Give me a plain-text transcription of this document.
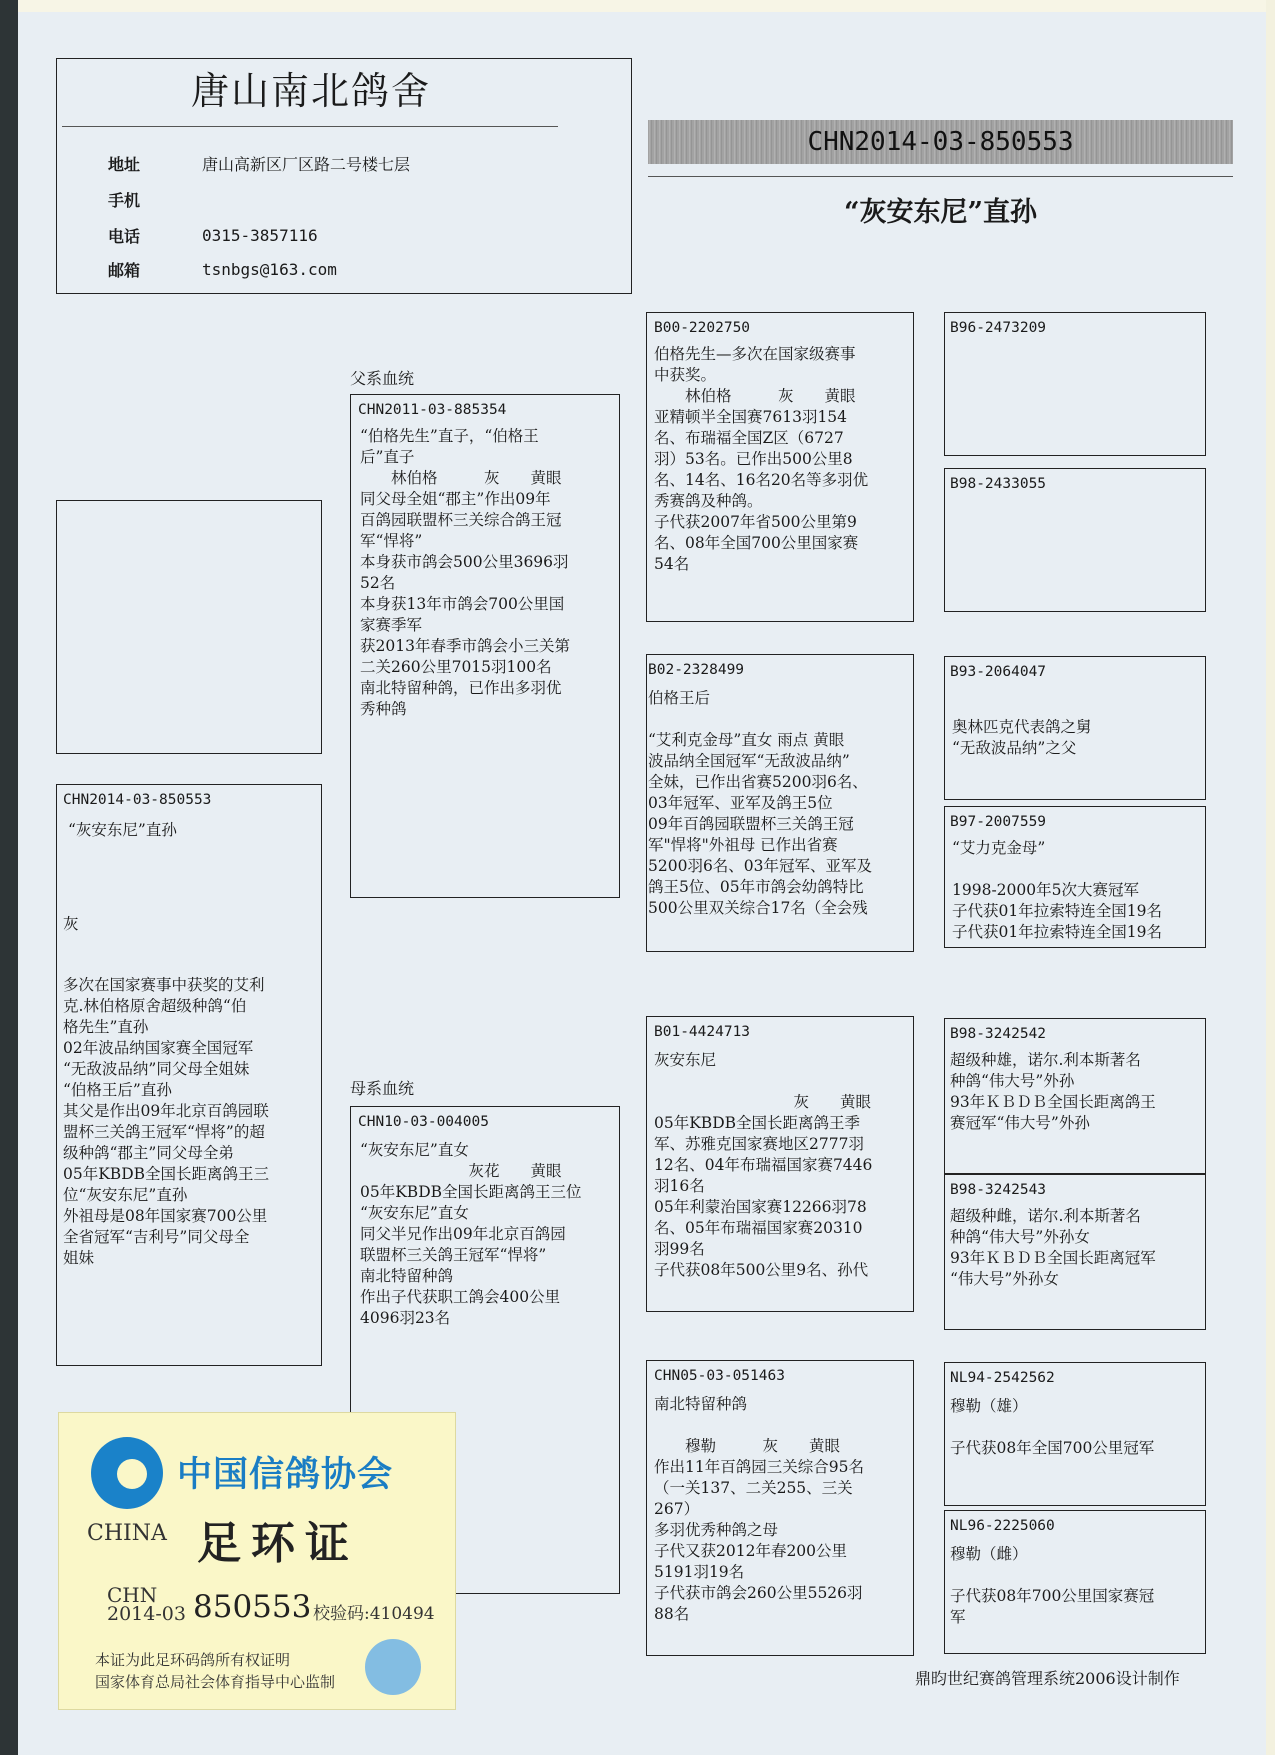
唐山南北鸽舍
地址	唐山高新区厂区路二号楼七层
手机
电话	0315-3857116
邮箱	tsnbgs@163.com
CHN2014-03-850553
“灰安东尼”直孙
CHN2014-03-850553
“灰安东尼”直孙
灰
多次在国家赛事中获奖的艾利
克.林伯格原舍超级种鸽“伯
格先生”直孙
02年波品纳国家赛全国冠军
“无敌波品纳”同父母全姐妹
“伯格王后”直孙
其父是作出09年北京百鸽园联
盟杯三关鸽王冠军“悍将”的超
级种鸽“郡主”同父母全弟
05年KBDB全国长距离鸽王三
位“灰安东尼”直孙
外祖母是08年国家赛700公里
全省冠军“吉利号”同父母全
姐妹
父系血统
母系血统
CHN2011-03-885354
“伯格先生”直子，“伯格王
后”直子
　　林伯格　　　灰　　黄眼
同父母全姐“郡主”作出09年
百鸽园联盟杯三关综合鸽王冠
军“悍将”
本身获市鸽会500公里3696羽
52名
本身获13年市鸽会700公里国
家赛季军
获2013年春季市鸽会小三关第
二关260公里7015羽100名
南北特留种鸽，已作出多羽优
秀种鸽
CHN10-03-004005
“灰安东尼”直女
　　　　　　　灰花　　黄眼
05年KBDB全国长距离鸽王三位
“灰安东尼”直女
同父半兄作出09年北京百鸽园
联盟杯三关鸽王冠军“悍将”
南北特留种鸽
作出子代获职工鸽会400公里
4096羽23名
B00-2202750
伯格先生—多次在国家级赛事
中获奖。
　　林伯格　　　灰　　黄眼
亚精顿半全国赛7613羽154
名、布瑞福全国Z区（6727
羽）53名。已作出500公里8
名、14名、16名20名等多羽优
秀赛鸽及种鸽。
子代获2007年省500公里第9
名、08年全国700公里国家赛
54名
B02-2328499
伯格王后

“艾利克金母”直女 雨点 黄眼
波品纳全国冠军“无敌波品纳”
全妹，已作出省赛5200羽6名、
03年冠军、亚军及鸽王5位
09年百鸽园联盟杯三关鸽王冠
军"悍将"外祖母 已作出省赛
5200羽6名、03年冠军、亚军及
鸽王5位、05年市鸽会幼鸽特比
500公里双关综合17名（全会残
B01-4424713
灰安东尼

　　　　　　　　　灰　　黄眼
05年KBDB全国长距离鸽王季
军、苏雅克国家赛地区2777羽
12名、04年布瑞福国家赛7446
羽16名
05年利蒙治国家赛12266羽78
名、05年布瑞福国家赛20310
羽99名
子代获08年500公里9名、孙代
CHN05-03-051463
南北特留种鸽

　　穆勒　　　灰　　黄眼
作出11年百鸽园三关综合95名
（一关137、二关255、三关
267）
多羽优秀种鸽之母
子代又获2012年春200公里
5191羽19名
子代获市鸽会260公里5526羽
88名
B96-2473209
B98-2433055
B93-2064047

奥林匹克代表鸽之舅
“无敌波品纳”之父
B97-2007559
“艾力克金母”

1998-2000年5次大赛冠军
子代获01年拉索特连全国19名
子代获01年拉索特连全国19名
B98-3242542
超级种雄，诺尔.利本斯著名
种鸽“伟大号”外孙
93年ＫＢＤＢ全国长距离鸽王
赛冠军“伟大号”外孙
B98-3242543
超级种雌，诺尔.利本斯著名
种鸽“伟大号”外孙女
93年ＫＢＤＢ全国长距离冠军
“伟大号”外孙女
NL94-2542562
穆勒（雄）

子代获08年全国700公里冠军
NL96-2225060
穆勒（雌）

子代获08年700公里国家赛冠
军
中国信鸽协会
CHINA 足环证
CHN
2014-03 850553 校验码:410494
本证为此足环码鸽所有权证明
国家体育总局社会体育指导中心监制	鼎昀世纪赛鸽管理系统2006设计制作
